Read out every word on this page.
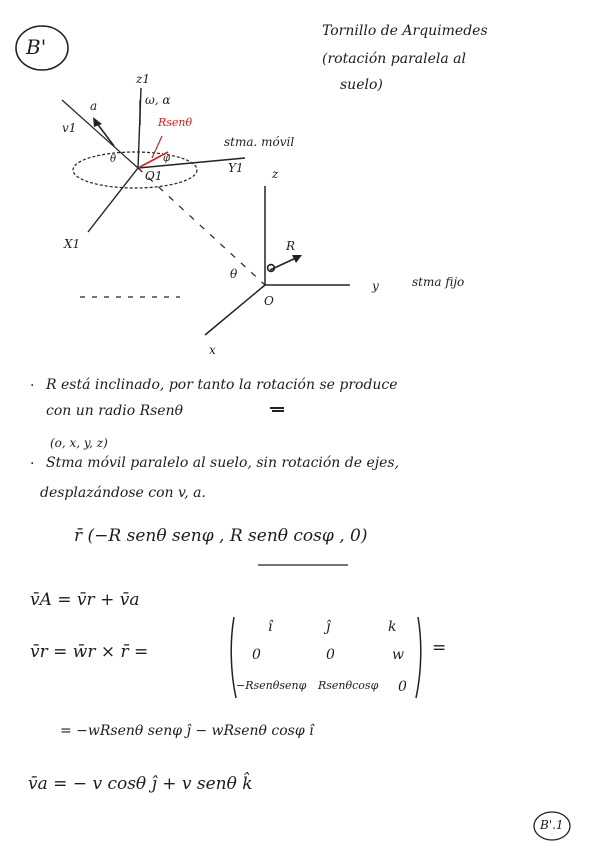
B'
Tornillo de Arquimedes
(rotación paralela al
suelo)
z1
a	ω, α
v1	Rsenθ
stma. móvil
θ	φ
Y1
O1
X1
z
R
θ
O
y	stma fijo
x
· R está inclinado, por tanto la rotación se produce
con un radio Rsenθ
(o, x, y, z)
· Stma móvil paralelo al suelo, sin rotación de ejes,
desplazándose con v, a.
r̄ (−R senθ senφ , R senθ cosφ , 0)
v̄A = v̄r + v̄a
v̄r = w̄r × r̄ =
î	ĵ	k
0	0	w
−Rsenθsenφ Rsenθcosφ 0
=
= −wRsenθ senφ ĵ − wRsenθ cosφ î
v̄a = − v cosθ ĵ + v senθ k̂
B'.1
